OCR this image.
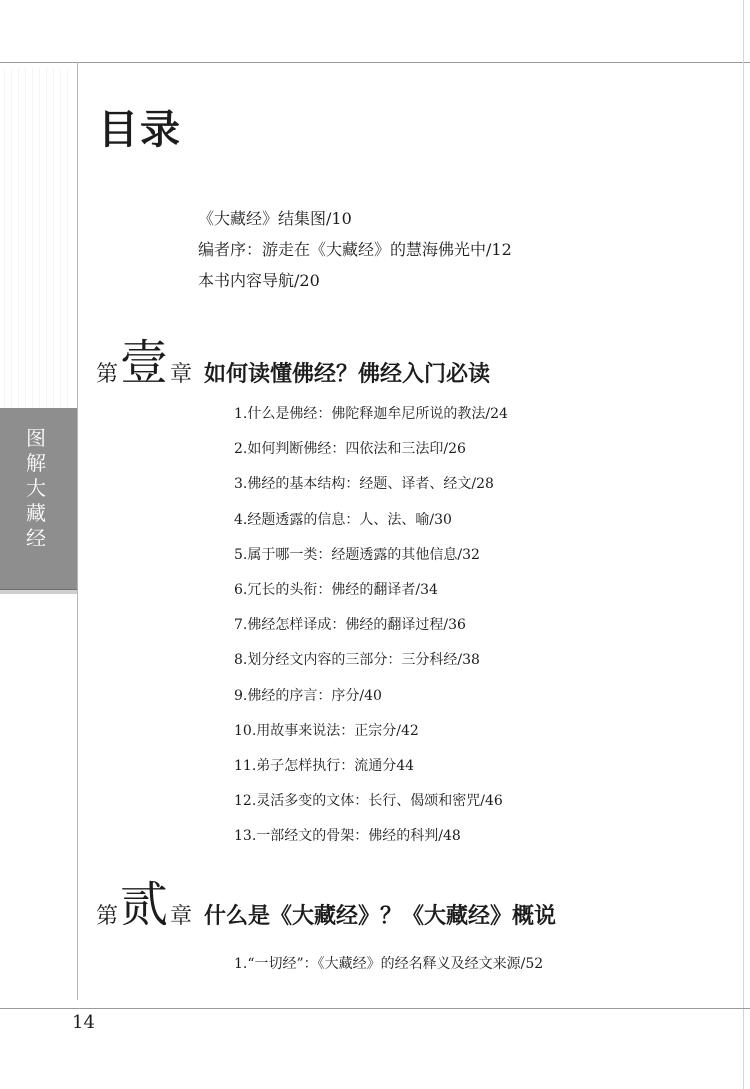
图
解
大
藏
经
目录
《大藏经》结集图/10
编者序：游走在《大藏经》的慧海佛光中/12
本书内容导航/20
第 壹 章 如何读懂佛经？佛经入门必读
1.什么是佛经：佛陀释迦牟尼所说的教法/24
2.如何判断佛经：四依法和三法印/26
3.佛经的基本结构：经题、译者、经文/28
4.经题透露的信息：人、法、喻/30
5.属于哪一类：经题透露的其他信息/32
6.冗长的头衔：佛经的翻译者/34
7.佛经怎样译成：佛经的翻译过程/36
8.划分经文内容的三部分：三分科经/38
9.佛经的序言：序分/40
10.用故事来说法：正宗分/42
11.弟子怎样执行：流通分44
12.灵活多变的文体：长行、偈颂和密咒/46
13.一部经文的骨架：佛经的科判/48
第 贰 章 什么是《大藏经》？《大藏经》概说
1.“一切经”：《大藏经》的经名释义及经文来源/52
14
